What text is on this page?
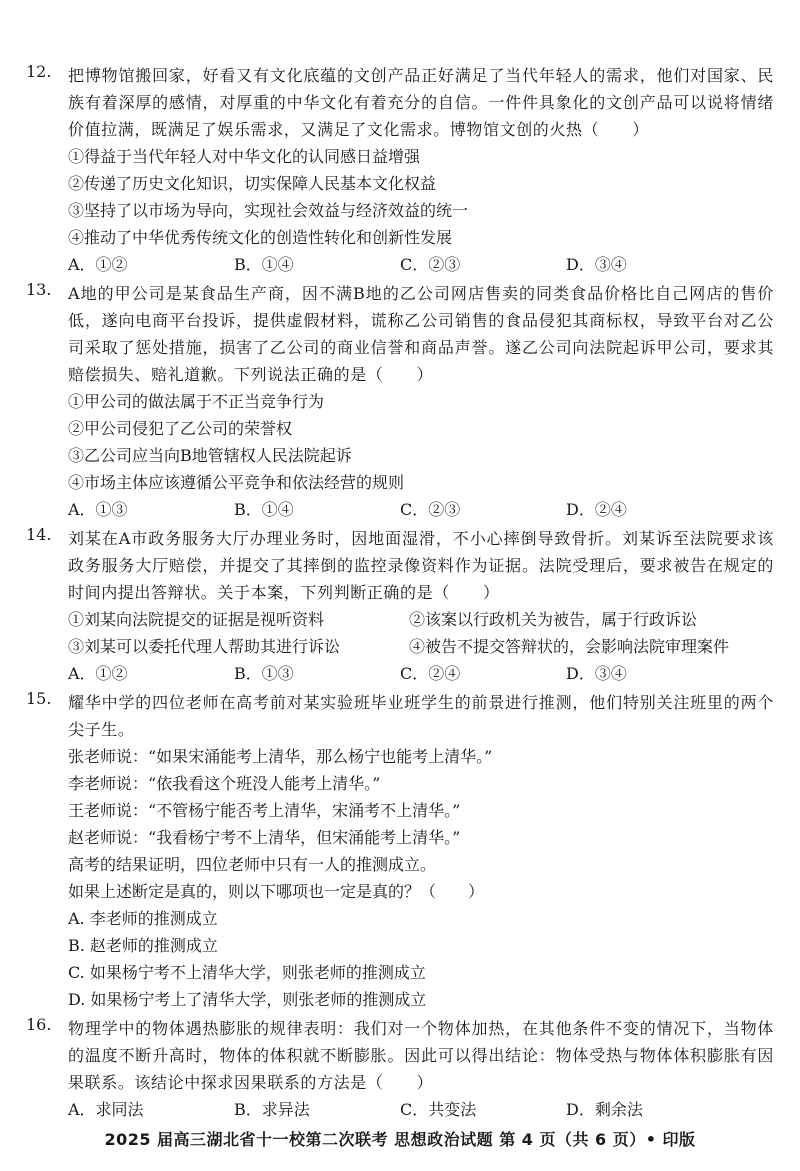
12. 把博物馆搬回家，好看又有文化底蕴的文创产品正好满足了当代年轻人的需求，他们对国家、民族有着深厚的感情，对厚重的中华文化有着充分的自信。一件件具象化的文创产品可以说将情绪价值拉满，既满足了娱乐需求，又满足了文化需求。博物馆文创的火热（　　）
①得益于当代年轻人对中华文化的认同感日益增强
②传递了历史文化知识，切实保障人民基本文化权益
③坚持了以市场为导向，实现社会效益与经济效益的统一
④推动了中华优秀传统文化的创造性转化和创新性发展
A．①②	B．①④	C．②③	D．③④
13. A地的甲公司是某食品生产商，因不满B地的乙公司网店售卖的同类食品价格比自己网店的售价低，遂向电商平台投诉，提供虚假材料，谎称乙公司销售的食品侵犯其商标权，导致平台对乙公司采取了惩处措施，损害了乙公司的商业信誉和商品声誉。遂乙公司向法院起诉甲公司，要求其赔偿损失、赔礼道歉。下列说法正确的是（　　）
①甲公司的做法属于不正当竞争行为
②甲公司侵犯了乙公司的荣誉权
③乙公司应当向B地管辖权人民法院起诉
④市场主体应该遵循公平竞争和依法经营的规则
A．①③	B．①④	C．②③	D．②④
14. 刘某在A市政务服务大厅办理业务时，因地面湿滑，不小心摔倒导致骨折。刘某诉至法院要求该政务服务大厅赔偿，并提交了其摔倒的监控录像资料作为证据。法院受理后，要求被告在规定的时间内提出答辩状。关于本案，下列判断正确的是（　　）
①刘某向法院提交的证据是视听资料	②该案以行政机关为被告，属于行政诉讼
③刘某可以委托代理人帮助其进行诉讼	④被告不提交答辩状的，会影响法院审理案件
A．①②	B．①③	C．②④	D．③④
15. 耀华中学的四位老师在高考前对某实验班毕业班学生的前景进行推测，他们特别关注班里的两个尖子生。
张老师说：“如果宋涌能考上清华，那么杨宁也能考上清华。”
李老师说：“依我看这个班没人能考上清华。”
王老师说：“不管杨宁能否考上清华，宋涌考不上清华。”
赵老师说：“我看杨宁考不上清华，但宋涌能考上清华。”
高考的结果证明，四位老师中只有一人的推测成立。
如果上述断定是真的，则以下哪项也一定是真的？（　　）
A. 李老师的推测成立
B. 赵老师的推测成立
C. 如果杨宁考不上清华大学，则张老师的推测成立
D. 如果杨宁考上了清华大学，则张老师的推测成立
16. 物理学中的物体遇热膨胀的规律表明：我们对一个物体加热，在其他条件不变的情况下，当物体的温度不断升高时，物体的体积就不断膨胀。因此可以得出结论：物体受热与物体体积膨胀有因果联系。该结论中探求因果联系的方法是（　　）
A．求同法	B．求异法	C．共变法	D．剩余法
2025 届高三湖北省十一校第二次联考 思想政治试题 第 4 页（共 6 页）• 印版
